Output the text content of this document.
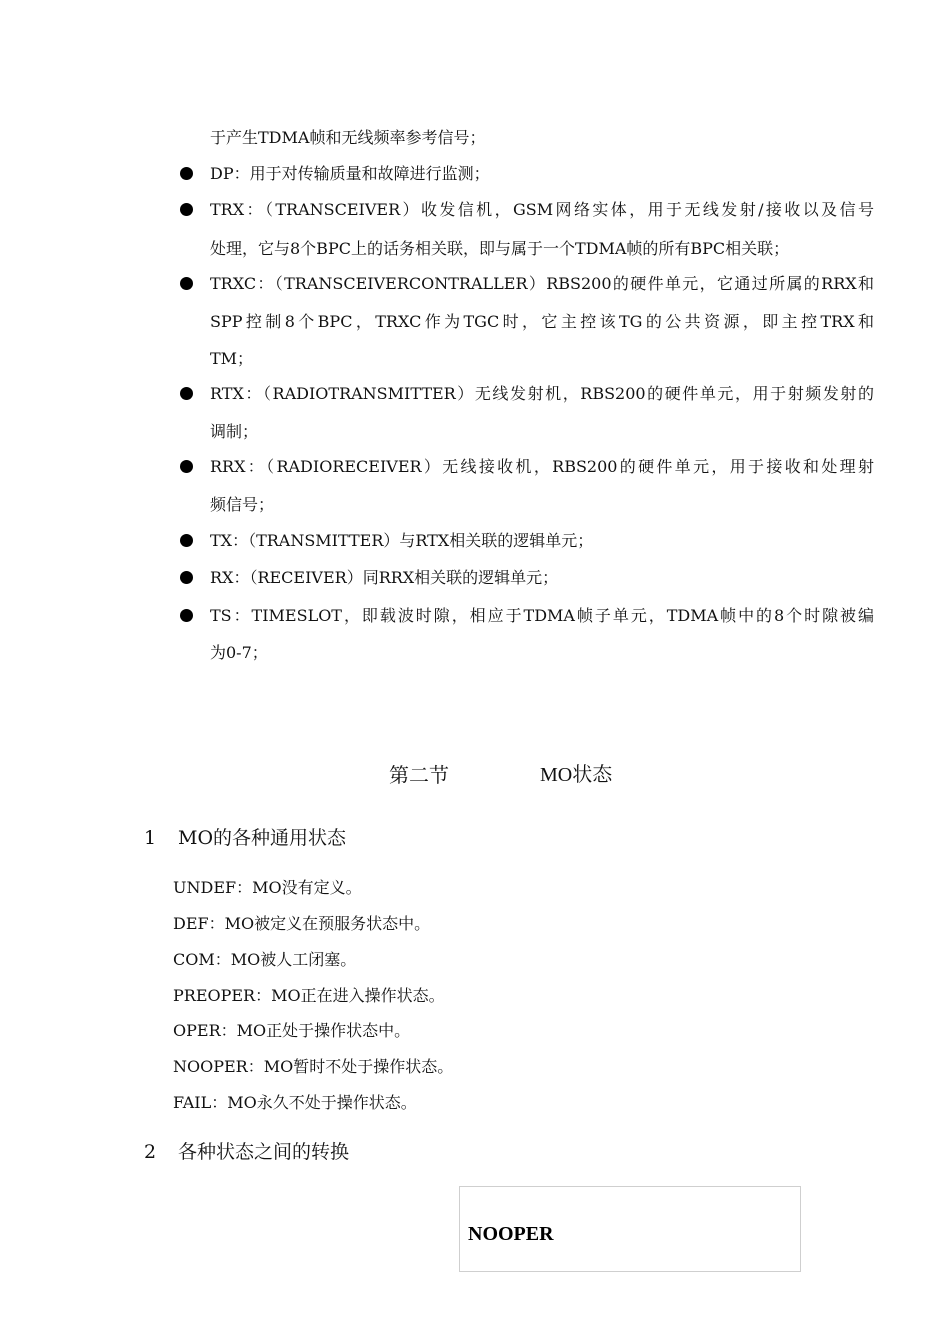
于产生TDMA帧和无线频率参考信号；
DP：用于对传输质量和故障进行监测；
TRX：（TRANSCEIVER）收发信机，GSM网络实体，用于无线发射/接收以及信号
处理，它与8个BPC上的话务相关联，即与属于一个TDMA帧的所有BPC相关联；
TRXC：（TRANSCEIVERCONTRALLER）RBS200的硬件单元，它通过所属的RRX和
SPP控制8个BPC，TRXC作为TGC时，它主控该TG的公共资源，即主控TRX和
TM；
RTX：（RADIOTRANSMITTER）无线发射机，RBS200的硬件单元，用于射频发射的
调制；
RRX：（RADIORECEIVER）无线接收机，RBS200的硬件单元，用于接收和处理射
频信号；
TX：（TRANSMITTER）与RTX相关联的逻辑单元；
RX：（RECEIVER）同RRX相关联的逻辑单元；
TS：TIMESLOT，即载波时隙，相应于TDMA帧子单元，TDMA帧中的8个时隙被编
为0-7；
第二节	MO状态
1 MO的各种通用状态
UNDEF：MO没有定义。
DEF：MO被定义在预服务状态中。
COM：MO被人工闭塞。
PREOPER：MO正在进入操作状态。
OPER：MO正处于操作状态中。
NOOPER：MO暂时不处于操作状态。
FAIL：MO永久不处于操作状态。
2 各种状态之间的转换
NOOPER
